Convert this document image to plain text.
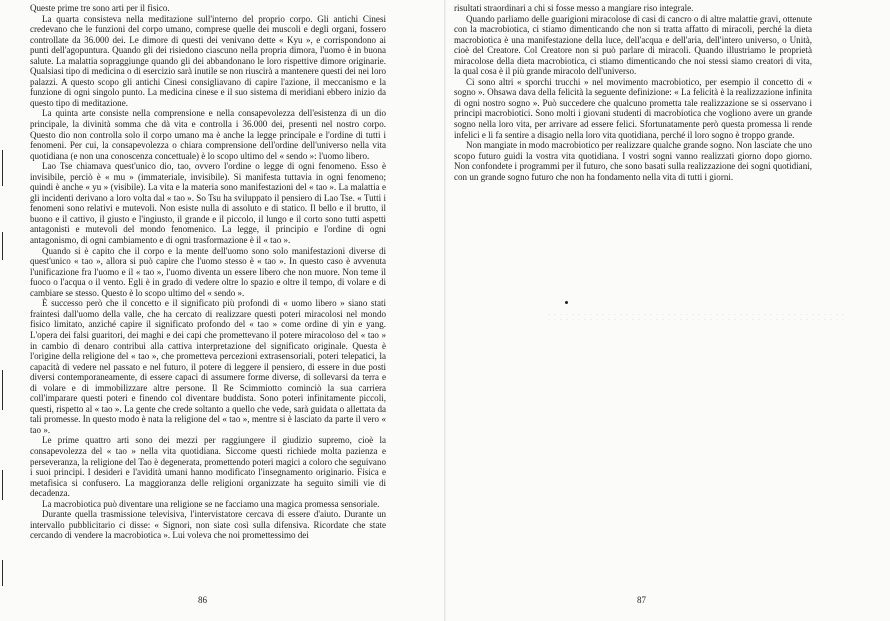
Queste prime tre sono arti per il fisico.

La quarta consisteva nella meditazione sull'interno del proprio corpo. Gli antichi Cinesi credevano che le funzioni del corpo umano, comprese quelle dei muscoli e degli organi, fossero controllate da 36.000 dei. Le dimore di questi dei venivano dette « Kyu », e corrispondono ai punti dell'agopuntura. Quando gli dei risiedono ciascuno nella propria dimora, l'uomo è in buona salute. La malattia sopraggiunge quando gli dei abbandonano le loro rispettive dimore originarie. Qualsiasi tipo di medicina o di esercizio sarà inutile se non riuscirà a mantenere questi dei nei loro palazzi. A questo scopo gli antichi Cinesi consigliavano di capire l'azione, il meccanismo e la funzione di ogni singolo punto. La medicina cinese e il suo sistema di meridiani ebbero inizio da questo tipo di meditazione.

La quinta arte consiste nella comprensione e nella consapevolezza dell'esistenza di un dio principale, la divinità somma che dà vita e controlla i 36.000 dei, presenti nel nostro corpo. Questo dio non controlla solo il corpo umano ma è anche la legge principale e l'ordine di tutti i fenomeni. Per cui, la consapevolezza o chiara comprensione dell'ordine dell'universo nella vita quotidiana (e non una conoscenza concettuale) è lo scopo ultimo del « sendo »: l'uomo libero.

Lao Tse chiamava quest'unico dio, tao, ovvero l'ordine o legge di ogni fenomeno. Esso è invisibile, perciò è « mu » (immateriale, invisibile). Si manifesta tuttavia in ogni fenomeno; quindi è anche « yu » (visibile). La vita e la materia sono manifestazioni del « tao ». La malattia e gli incidenti derivano a loro volta dal « tao ». So Tsu ha sviluppato il pensiero di Lao Tse. « Tutti i fenomeni sono relativi e mutevoli. Non esiste nulla di assoluto e di statico. Il bello e il brutto, il buono e il cattivo, il giusto e l'ingiusto, il grande e il piccolo, il lungo e il corto sono tutti aspetti antagonisti e mutevoli del mondo fenomenico. La legge, il principio e l'ordine di ogni antagonismo, di ogni cambiamento e di ogni trasformazione è il « tao ».

Quando si è capito che il corpo e la mente dell'uomo sono solo manifestazioni diverse di quest'unico « tao », allora si può capire che l'uomo stesso è « tao ». In questo caso è avvenuta l'unificazione fra l'uomo e il « tao », l'uomo diventa un essere libero che non muore. Non teme il fuoco o l'acqua o il vento. Egli è in grado di vedere oltre lo spazio e oltre il tempo, di volare e di cambiare se stesso. Questo è lo scopo ultimo del « sendo ».

È successo però che il concetto e il significato più profondi di « uomo libero » siano stati fraintesi dall'uomo della valle, che ha cercato di realizzare questi poteri miracolosi nel mondo fisico limitato, anziché capire il significato profondo del « tao » come ordine di yin e yang. L'opera dei falsi guaritori, dei maghi e dei capi che promettevano il potere miracoloso del « tao » in cambio di denaro contribuì alla cattiva interpretazione del significato originale. Questa è l'origine della religione del « tao », che prometteva percezioni extrasensoriali, poteri telepatici, la capacità di vedere nel passato e nel futuro, il potere di leggere il pensiero, di essere in due posti diversi contemporaneamente, di essere capaci di assumere forme diverse, di sollevarsi da terra e di volare e di immobilizzare altre persone. Il Re Scimmiotto cominciò la sua carriera coll'imparare questi poteri e finendo col diventare buddista. Sono poteri infinitamente piccoli, questi, rispetto al « tao ». La gente che crede soltanto a quello che vede, sarà guidata o allettata da tali promesse. In questo modo è nata la religione del « tao », mentre si è lasciato da parte il vero « tao ».

Le prime quattro arti sono dei mezzi per raggiungere il giudizio supremo, cioè la consapevolezza del « tao » nella vita quotidiana. Siccome questi richiede molta pazienza e perseveranza, la religione del Tao è degenerata, promettendo poteri magici a coloro che seguivano i suoi principi. I desideri e l'avidità umani hanno modificato l'insegnamento originario. Fisica e metafisica si confusero. La maggioranza delle religioni organizzate ha seguito simili vie di decadenza.

La macrobiotica può diventare una religione se ne facciamo una magica promessa sensoriale.

Durante quella trasmissione televisiva, l'intervistatore cercava di essere d'aiuto. Durante un intervallo pubblicitario ci disse: « Signori, non siate così sulla difensiva. Ricordate che state cercando di vendere la macrobiotica ». Lui voleva che noi promettessimo dei

86

risultati straordinari a chi si fosse messo a mangiare riso integrale.

Quando parliamo delle guarigioni miracolose di casi di cancro o di altre malattie gravi, ottenute con la macrobiotica, ci stiamo dimenticando che non si tratta affatto di miracoli, perché la dieta macrobiotica è una manifestazione della luce, dell'acqua e dell'aria, dell'intero universo, o Unità, cioè del Creatore. Col Creatore non si può parlare di miracoli. Quando illustriamo le proprietà miracolose della dieta macrobiotica, ci stiamo dimenticando che noi stessi siamo creatori di vita, la qual cosa è il più grande miracolo dell'universo.

Ci sono altri « sporchi trucchi » nel movimento macrobiotico, per esempio il concetto di « sogno ». Ohsawa dava della felicità la seguente definizione: « La felicità è la realizzazione infinita di ogni nostro sogno ». Può succedere che qualcuno prometta tale realizzazione se si osservano i principi macrobiotici. Sono molti i giovani studenti di macrobiotica che vogliono avere un grande sogno nella loro vita, per arrivare ad essere felici. Sfortunatamente però questa promessa li rende infelici e li fa sentire a disagio nella loro vita quotidiana, perché il loro sogno è troppo grande.

Non mangiate in modo macrobiotico per realizzare qualche grande sogno. Non lasciate che uno scopo futuro guidi la vostra vita quotidiana. I vostri sogni vanno realizzati giorno dopo giorno. Non confondete i programmi per il futuro, che sono basati sulla realizzazione dei sogni quotidiani, con un grande sogno futuro che non ha fondamento nella vita di tutti i giorni.

87
